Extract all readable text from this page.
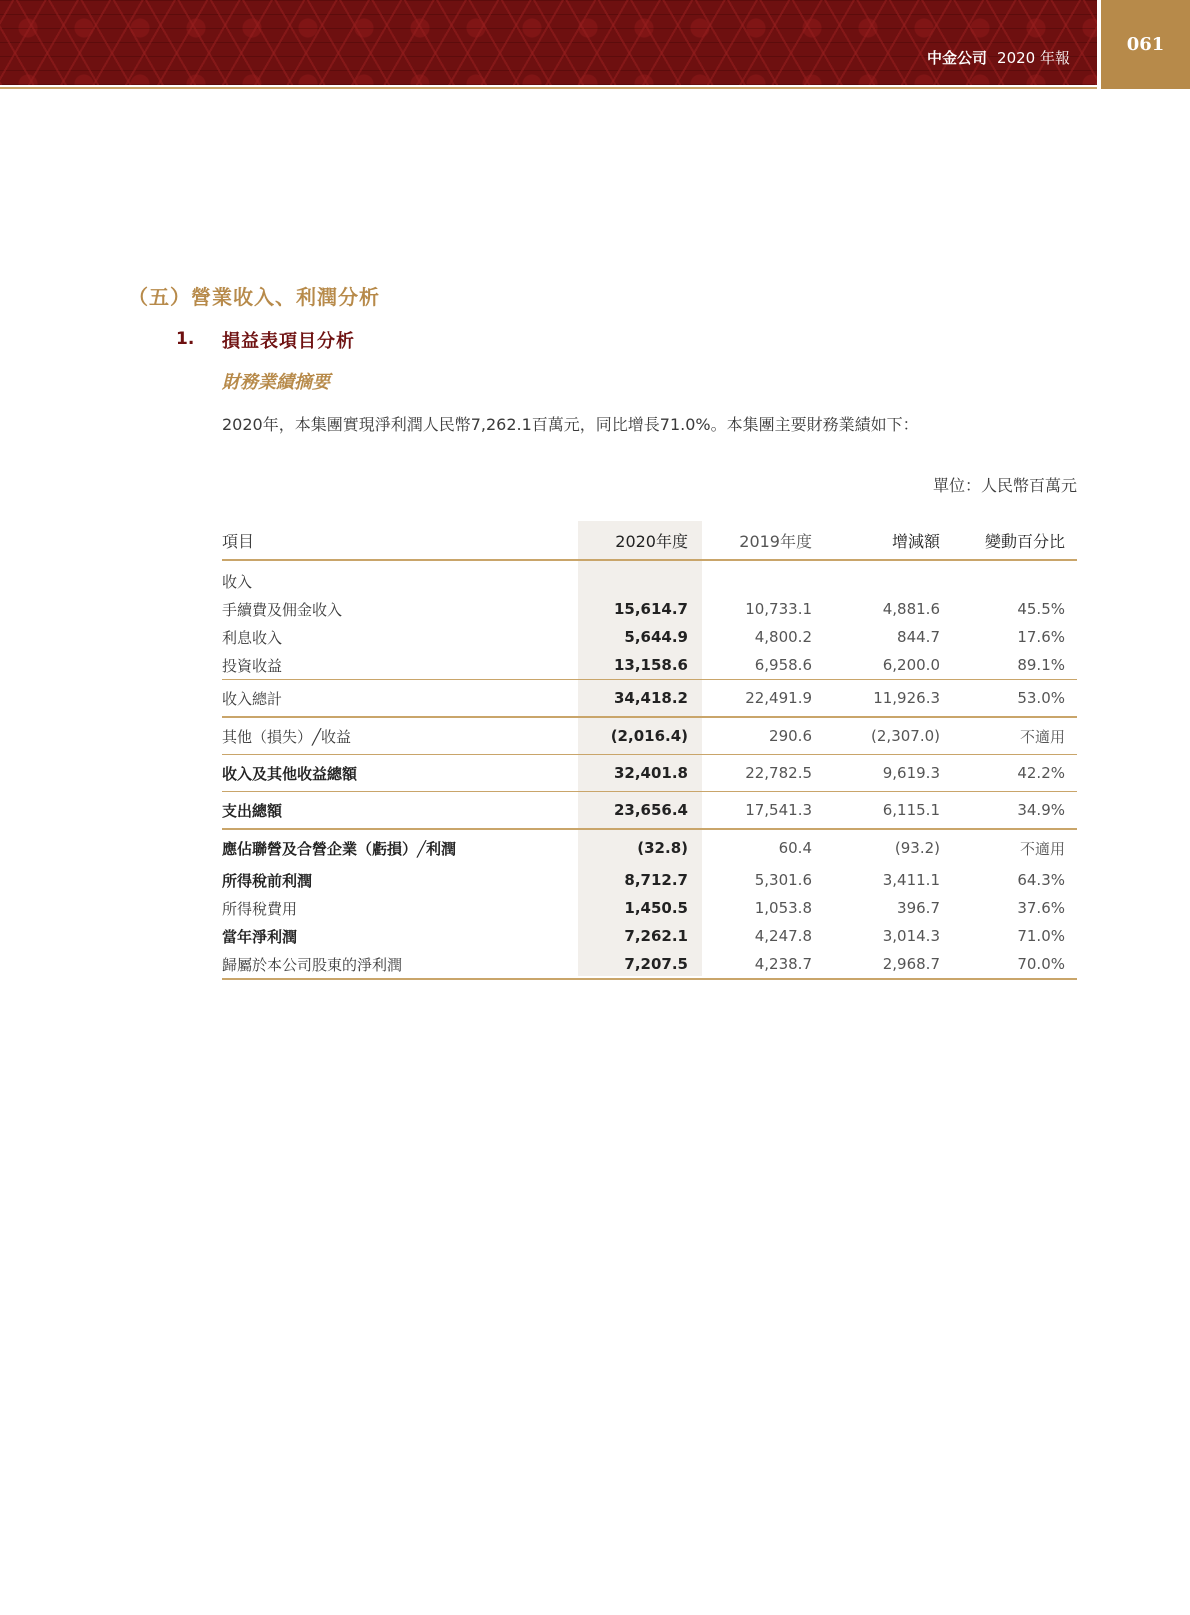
中金公司 2020 年報
061
（五）營業收入、利潤分析
1. 損益表項目分析
財務業績摘要
2020年，本集團實現淨利潤人民幣7,262.1百萬元，同比增長71.0%。本集團主要財務業績如下：
單位：人民幣百萬元
項目	2020年度	2019年度	增減額	變動百分比

收入				
手續費及佣金收入	15,614.7	10,733.1	4,881.6	45.5%
利息收入	5,644.9	4,800.2	844.7	17.6%
投資收益	13,158.6	6,958.6	6,200.0	89.1%
收入總計	34,418.2	22,491.9	11,926.3	53.0%
其他（損失）╱收益	(2,016.4)	290.6	(2,307.0)	不適用
收入及其他收益總額	32,401.8	22,782.5	9,619.3	42.2%
支出總額	23,656.4	17,541.3	6,115.1	34.9%
應佔聯營及合營企業（虧損）╱利潤	(32.8)	60.4	(93.2)	不適用
所得稅前利潤	8,712.7	5,301.6	3,411.1	64.3%
所得稅費用	1,450.5	1,053.8	396.7	37.6%
當年淨利潤	7,262.1	4,247.8	3,014.3	71.0%
歸屬於本公司股東的淨利潤	7,207.5	4,238.7	2,968.7	70.0%
